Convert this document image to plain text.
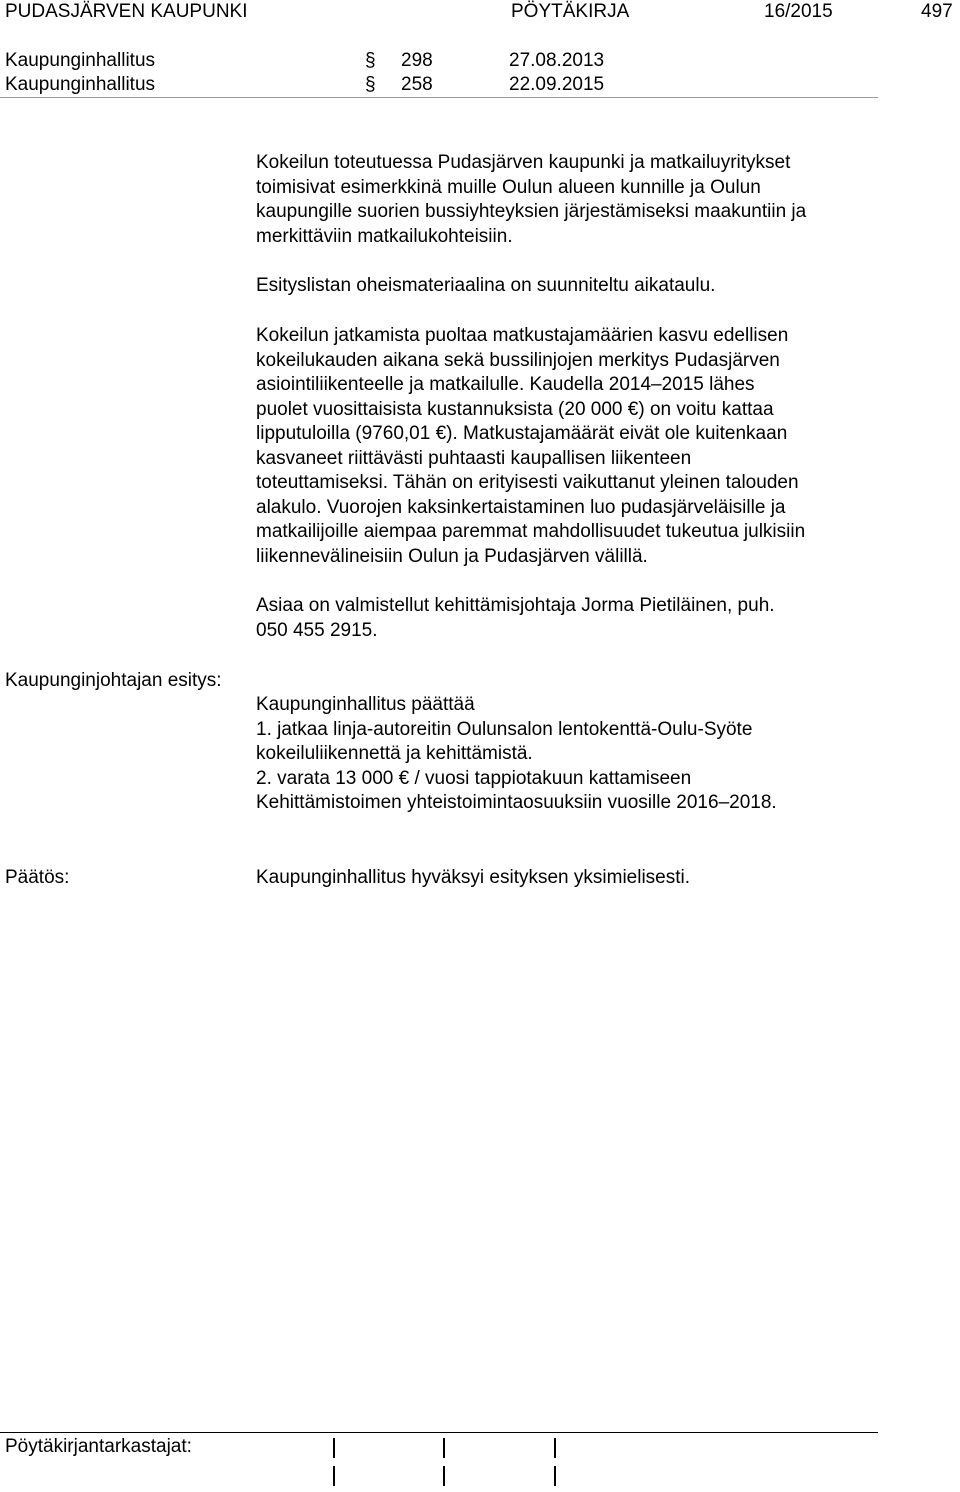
PUDASJÄRVEN KAUPUNKI	PÖYTÄKIRJA	16/2015	497
Kaupunginhallitus	§ 298	27.08.2013
Kaupunginhallitus	§ 258	22.09.2015
Kokeilun toteutuessa Pudasjärven kaupunki ja matkailuyritykset
toimisivat esimerkkinä muille Oulun alueen kunnille ja Oulun
kaupungille suorien bussiyhteyksien järjestämiseksi maakuntiin ja
merkittäviin matkailukohteisiin.
Esityslistan oheismateriaalina on suunniteltu aikataulu.
Kokeilun jatkamista puoltaa matkustajamäärien kasvu edellisen
kokeilukauden aikana sekä bussilinjojen merkitys Pudasjärven
asiointiliikenteelle ja matkailulle. Kaudella 2014–2015 lähes
puolet vuosittaisista kustannuksista (20 000 €) on voitu kattaa
lipputuloilla (9760,01 €). Matkustajamäärät eivät ole kuitenkaan
kasvaneet riittävästi puhtaasti kaupallisen liikenteen
toteuttamiseksi. Tähän on erityisesti vaikuttanut yleinen talouden
alakulo. Vuorojen kaksinkertaistaminen luo pudasjärveläisille ja
matkailijoille aiempaa paremmat mahdollisuudet tukeutua julkisiin
liikennevälineisiin Oulun ja Pudasjärven välillä.
Asiaa on valmistellut kehittämisjohtaja Jorma Pietiläinen, puh.
050 455 2915.
Kaupunginjohtajan esitys:
Kaupunginhallitus päättää
1. jatkaa linja-autoreitin Oulunsalon lentokenttä-Oulu-Syöte
kokeiluliikennettä ja kehittämistä.
2. varata 13 000 € / vuosi tappiotakuun kattamiseen
Kehittämistoimen yhteistoimintaosuuksiin vuosille 2016–2018.
Päätös:	Kaupunginhallitus hyväksyi esityksen yksimielisesti.
Pöytäkirjantarkastajat:
